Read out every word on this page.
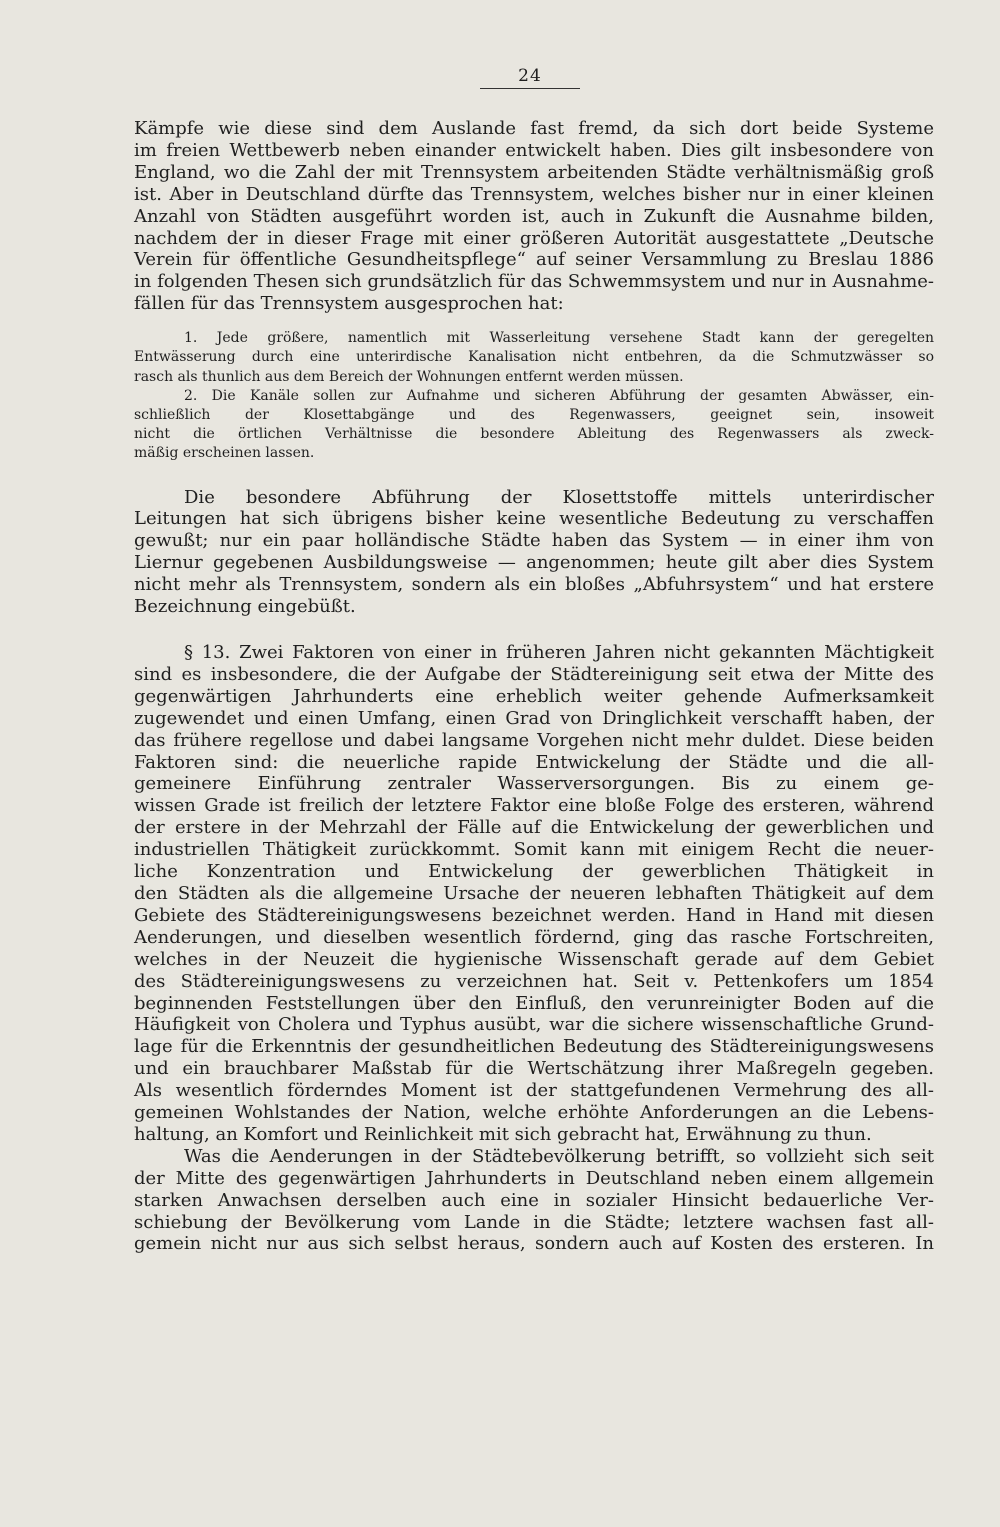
24
Kämpfe wie diese sind dem Auslande fast fremd, da sich dort beide Systeme
im freien Wettbewerb neben einander entwickelt haben. Dies gilt insbesondere von
England, wo die Zahl der mit Trennsystem arbeitenden Städte verhältnismäßig groß
ist. Aber in Deutschland dürfte das Trennsystem, welches bisher nur in einer kleinen
Anzahl von Städten ausgeführt worden ist, auch in Zukunft die Ausnahme bilden,
nachdem der in dieser Frage mit einer größeren Autorität ausgestattete „Deutsche
Verein für öffentliche Gesundheitspflege“ auf seiner Versammlung zu Breslau 1886
in folgenden Thesen sich grundsätzlich für das Schwemmsystem und nur in Ausnahme-
fällen für das Trennsystem ausgesprochen hat:
1. Jede größere, namentlich mit Wasserleitung versehene Stadt kann der geregelten
Entwässerung durch eine unterirdische Kanalisation nicht entbehren, da die Schmutzwässer so
rasch als thunlich aus dem Bereich der Wohnungen entfernt werden müssen.
2. Die Kanäle sollen zur Aufnahme und sicheren Abführung der gesamten Abwässer, ein-
schließlich der Klosettabgänge und des Regenwassers, geeignet sein, insoweit
nicht die örtlichen Verhältnisse die besondere Ableitung des Regenwassers als zweck-
mäßig erscheinen lassen.
Die besondere Abführung der Klosettstoffe mittels unterirdischer
Leitungen hat sich übrigens bisher keine wesentliche Bedeutung zu verschaffen
gewußt; nur ein paar holländische Städte haben das System — in einer ihm von
Liernur gegebenen Ausbildungsweise — angenommen; heute gilt aber dies System
nicht mehr als Trennsystem, sondern als ein bloßes „Abfuhrsystem“ und hat erstere
Bezeichnung eingebüßt.
§ 13. Zwei Faktoren von einer in früheren Jahren nicht gekannten Mächtigkeit
sind es insbesondere, die der Aufgabe der Städtereinigung seit etwa der Mitte des
gegenwärtigen Jahrhunderts eine erheblich weiter gehende Aufmerksamkeit
zugewendet und einen Umfang, einen Grad von Dringlichkeit verschafft haben, der
das frühere regellose und dabei langsame Vorgehen nicht mehr duldet. Diese beiden
Faktoren sind: die neuerliche rapide Entwickelung der Städte und die all-
gemeinere Einführung zentraler Wasserversorgungen. Bis zu einem ge-
wissen Grade ist freilich der letztere Faktor eine bloße Folge des ersteren, während
der erstere in der Mehrzahl der Fälle auf die Entwickelung der gewerblichen und
industriellen Thätigkeit zurückkommt. Somit kann mit einigem Recht die neuer-
liche Konzentration und Entwickelung der gewerblichen Thätigkeit in
den Städten als die allgemeine Ursache der neueren lebhaften Thätigkeit auf dem
Gebiete des Städtereinigungswesens bezeichnet werden. Hand in Hand mit diesen
Aenderungen, und dieselben wesentlich fördernd, ging das rasche Fortschreiten,
welches in der Neuzeit die hygienische Wissenschaft gerade auf dem Gebiet
des Städtereinigungswesens zu verzeichnen hat. Seit v. Pettenkofers um 1854
beginnenden Feststellungen über den Einfluß, den verunreinigter Boden auf die
Häufigkeit von Cholera und Typhus ausübt, war die sichere wissenschaftliche Grund-
lage für die Erkenntnis der gesundheitlichen Bedeutung des Städtereinigungswesens
und ein brauchbarer Maßstab für die Wertschätzung ihrer Maßregeln gegeben.
Als wesentlich förderndes Moment ist der stattgefundenen Vermehrung des all-
gemeinen Wohlstandes der Nation, welche erhöhte Anforderungen an die Lebens-
haltung, an Komfort und Reinlichkeit mit sich gebracht hat, Erwähnung zu thun.
Was die Aenderungen in der Städtebevölkerung betrifft, so vollzieht sich seit
der Mitte des gegenwärtigen Jahrhunderts in Deutschland neben einem allgemein
starken Anwachsen derselben auch eine in sozialer Hinsicht bedauerliche Ver-
schiebung der Bevölkerung vom Lande in die Städte; letztere wachsen fast all-
gemein nicht nur aus sich selbst heraus, sondern auch auf Kosten des ersteren. In
